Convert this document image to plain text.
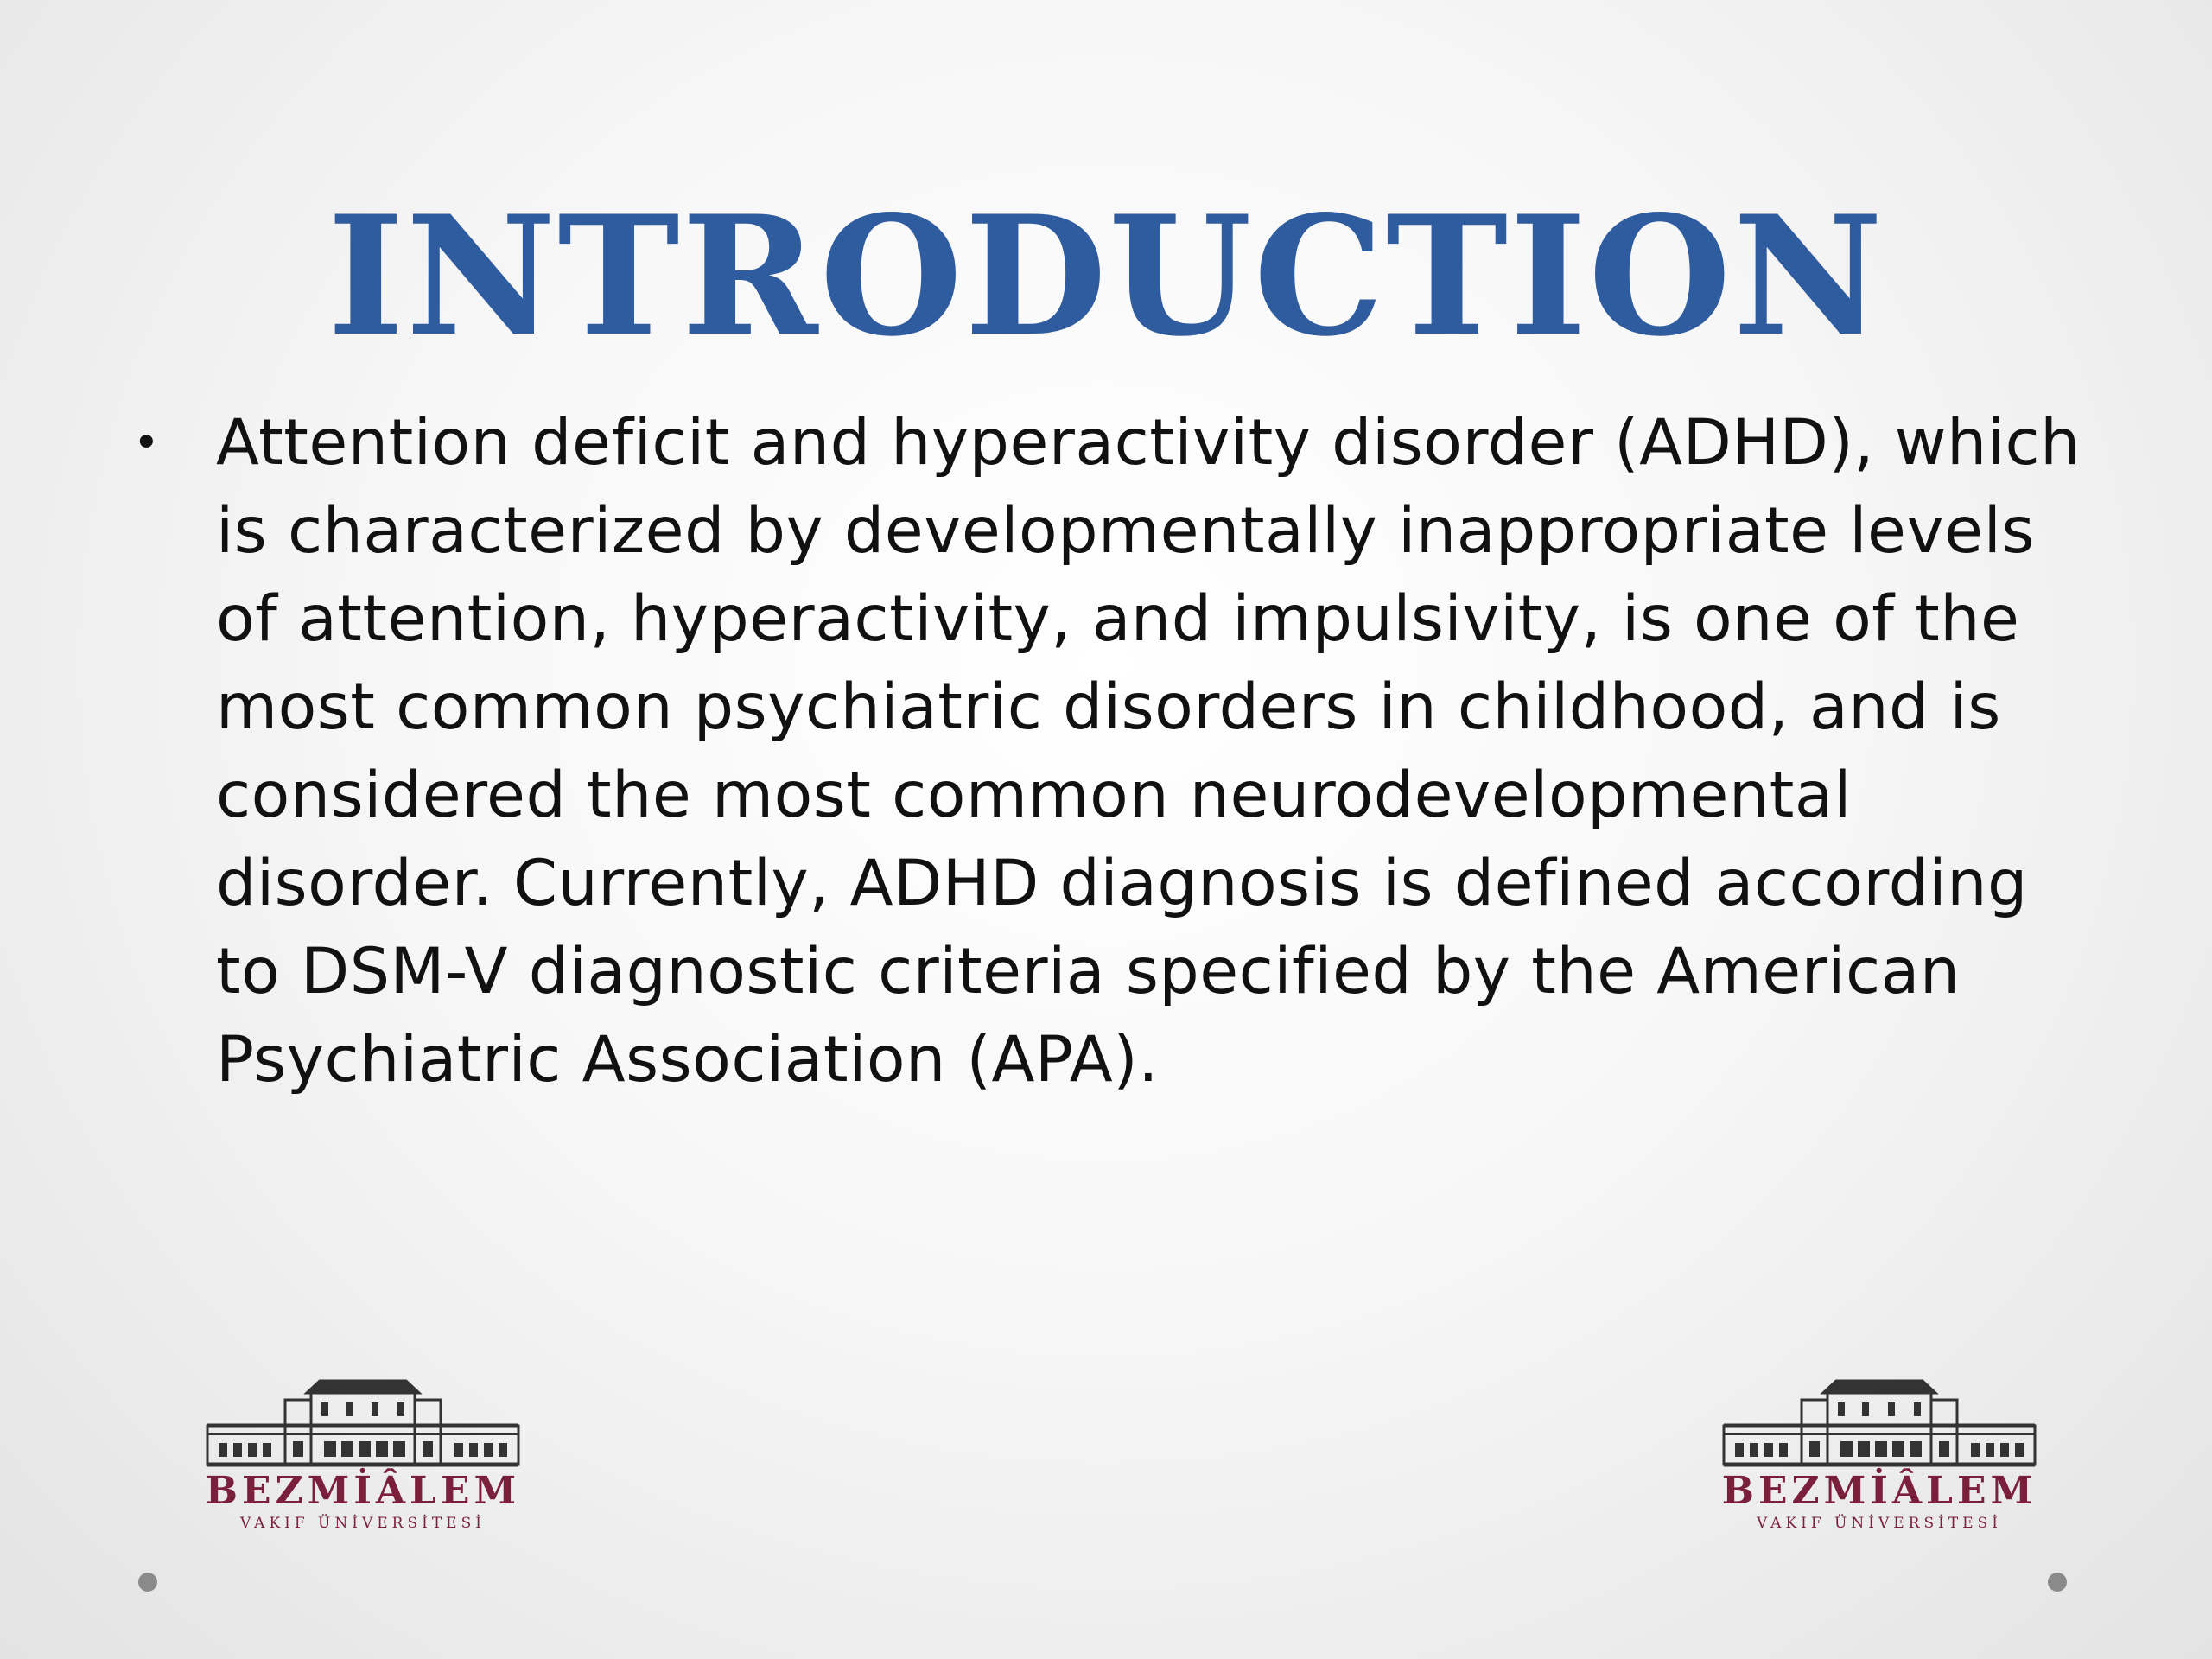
INTRODUCTION
• Attention deficit and hyperactivity disorder (ADHD), which is characterized by developmentally inappropriate levels of attention, hyperactivity, and impulsivity, is one of the most common psychiatric disorders in childhood, and is considered the most common neurodevelopmental disorder. Currently, ADHD diagnosis is defined according to DSM-V diagnostic criteria specified by the American Psychiatric Association (APA).
BEZMİÂLEM
VAKIF ÜNİVERSİTESİ
BEZMİÂLEM
VAKIF ÜNİVERSİTESİ
